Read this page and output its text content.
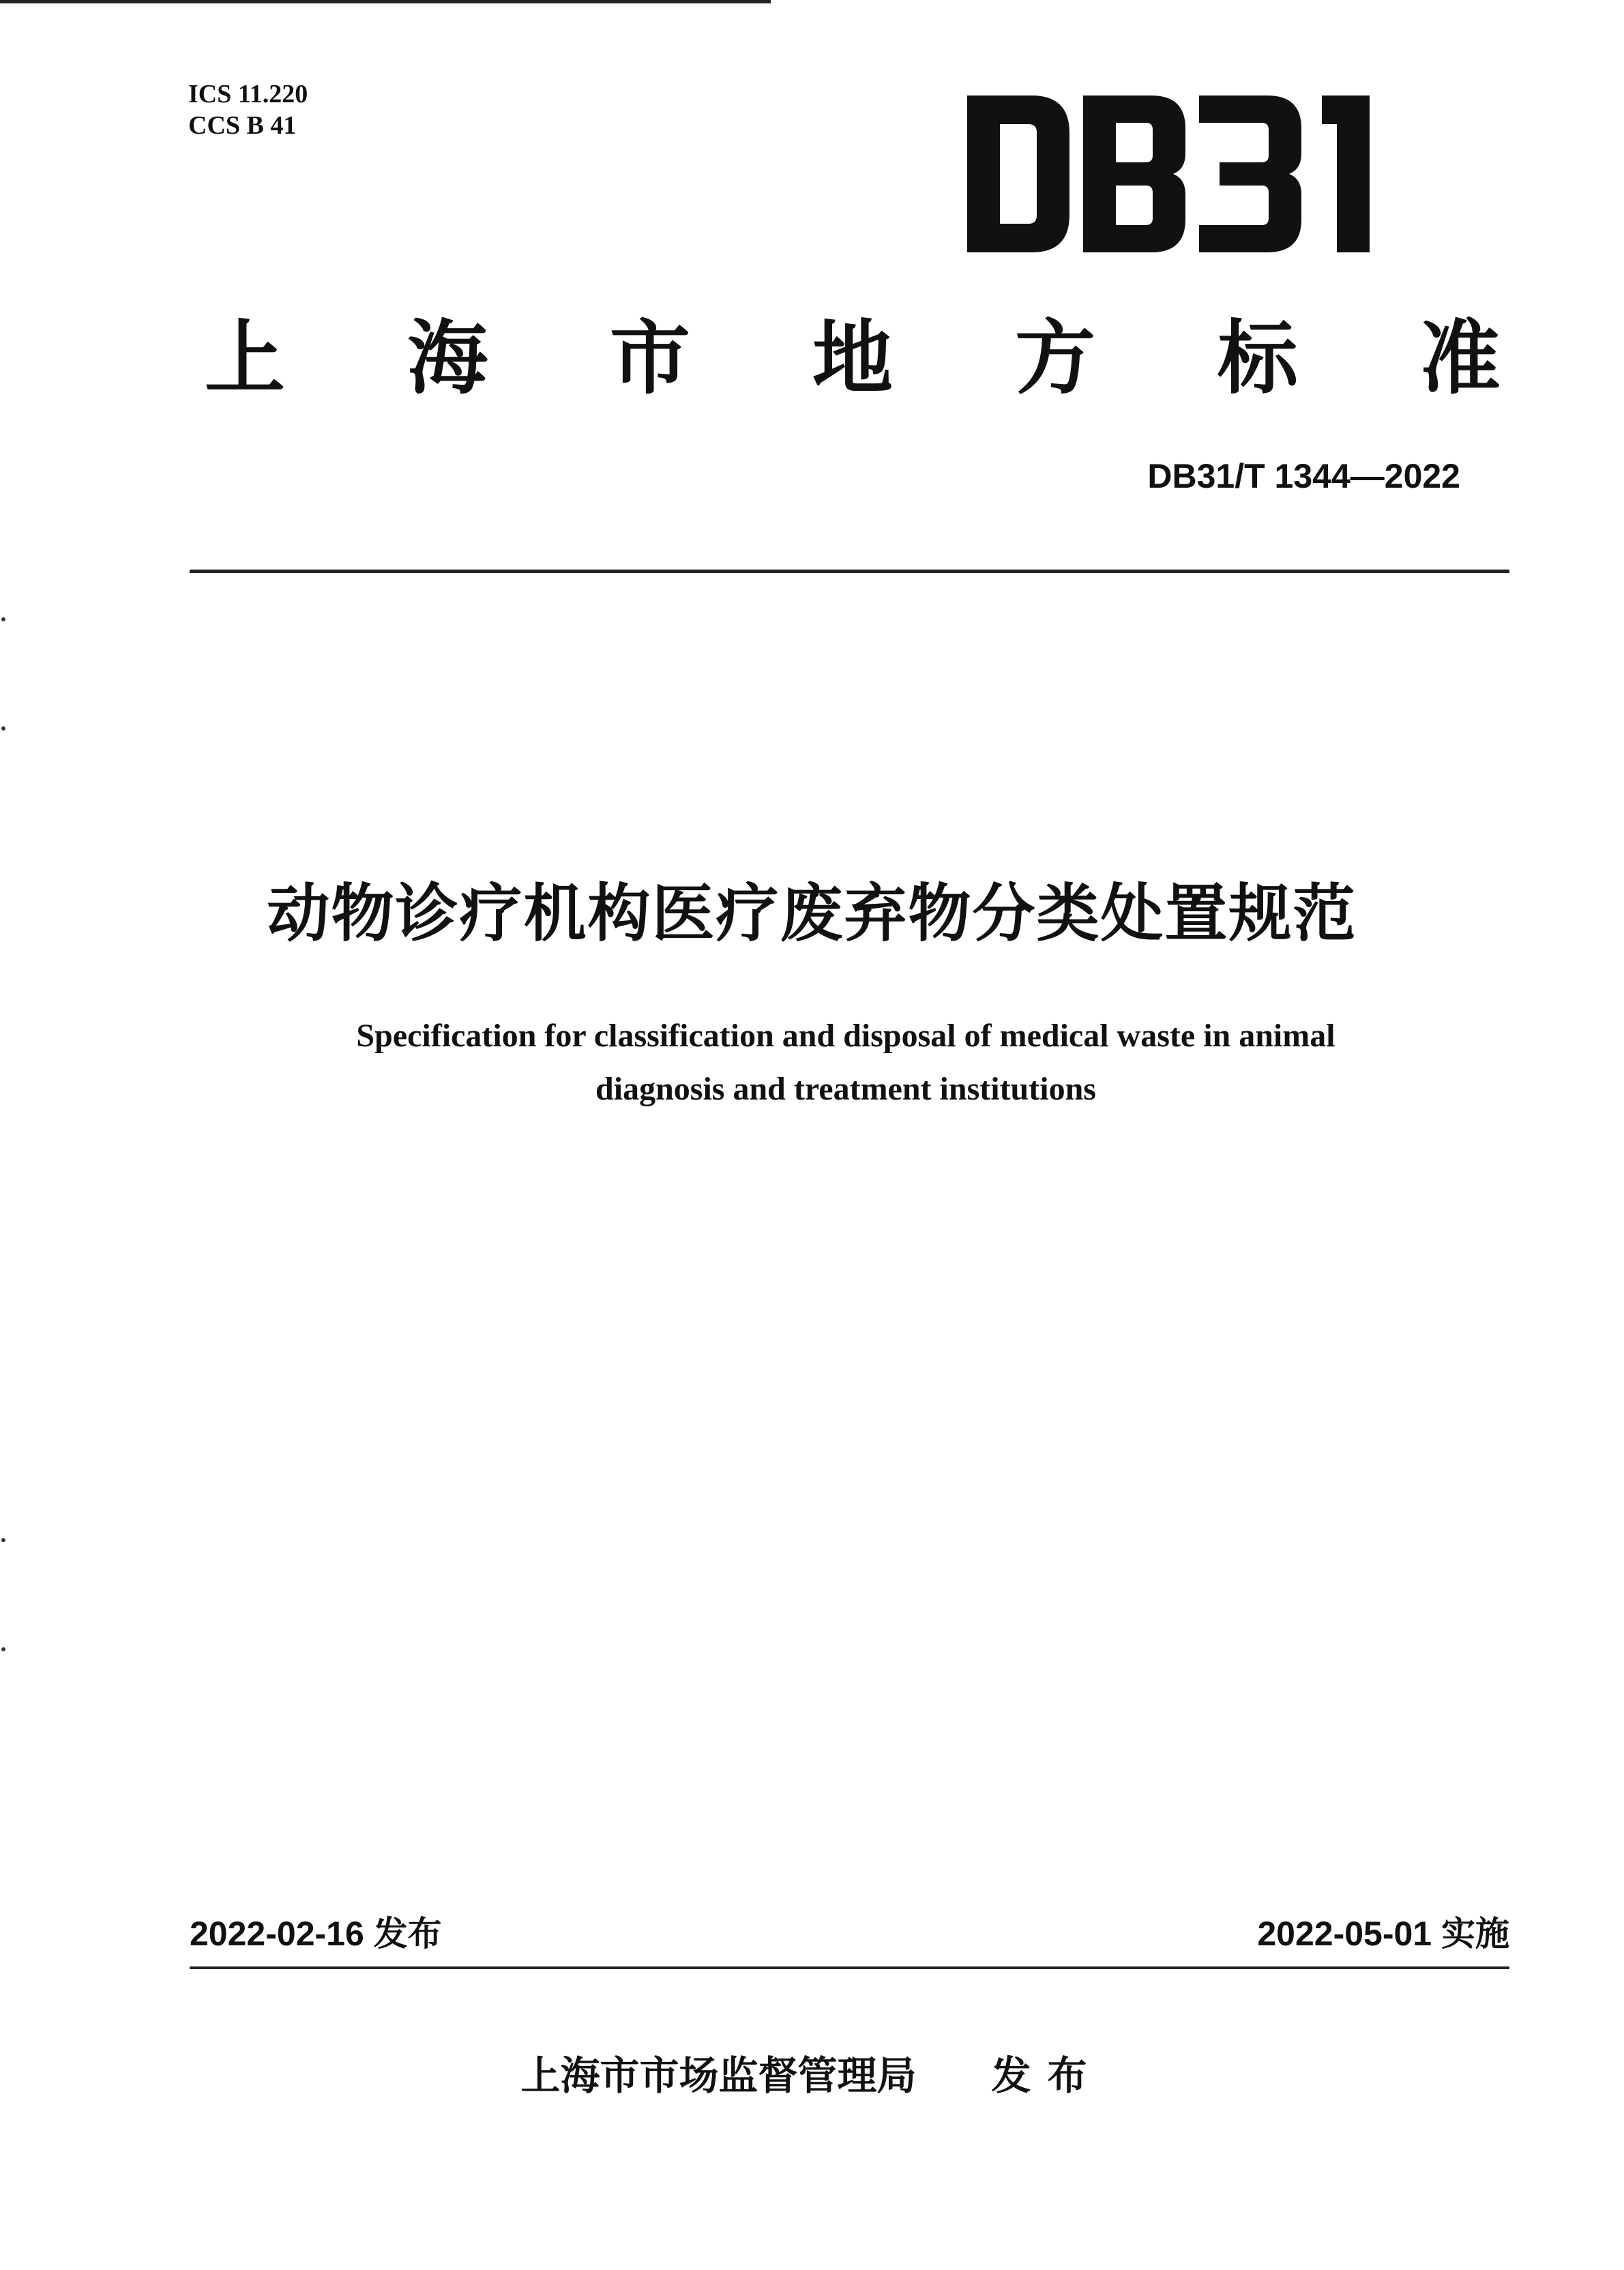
ICS 11.220
CCS B 41
上 海 市 地 方 标 准
DB31/T 1344—2022
动物诊疗机构医疗废弃物分类处置规范
Specification for classification and disposal of medical waste in animal
diagnosis and treatment institutions
2022-02-16 发布	2022-05-01 实施
上海市市场监督管理局 发布
